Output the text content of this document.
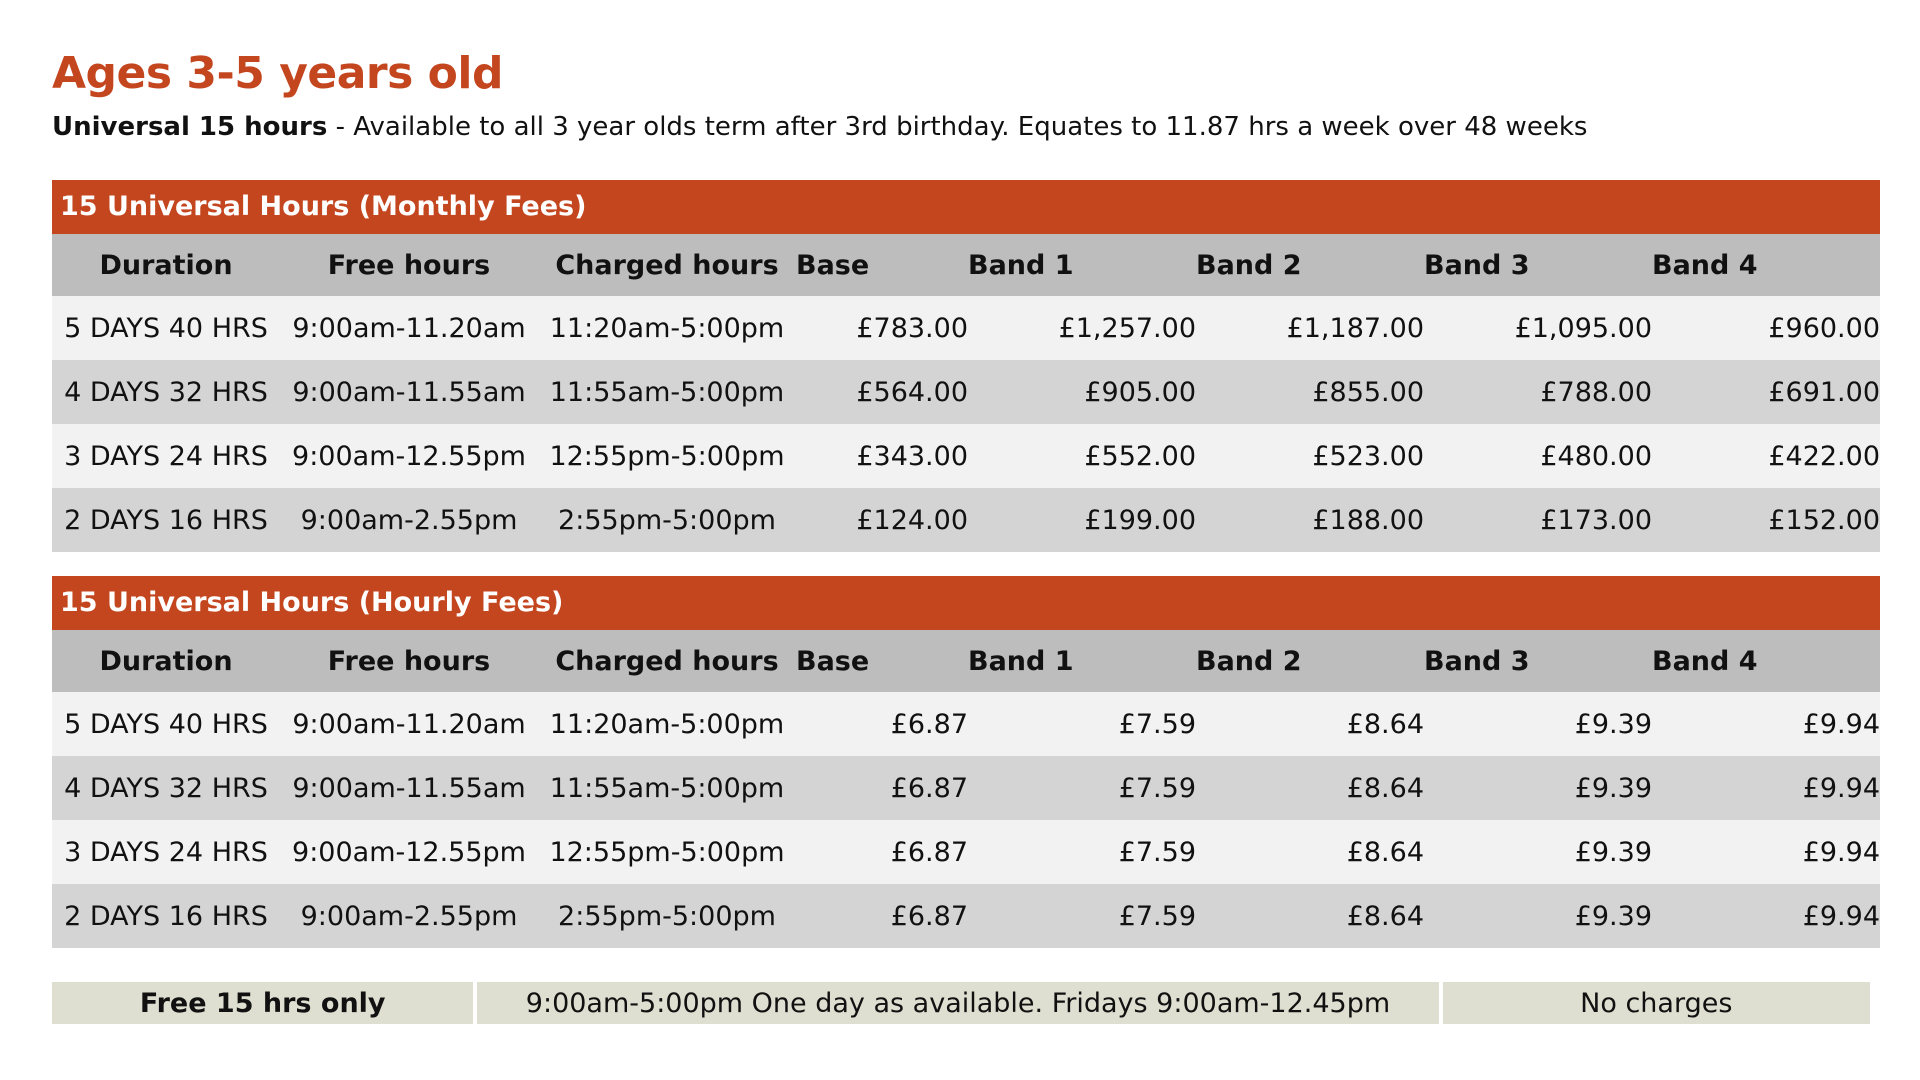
Ages 3-5 years old
Universal 15 hours - Available to all 3 year olds term after 3rd birthday. Equates to 11.87 hrs a week over 48 weeks
15 Universal Hours (Monthly Fees)
Duration	Free hours	Charged hours	Base	Band 1	Band 2	Band 3	Band 4
5 DAYS 40 HRS	9:00am-11.20am	11:20am-5:00pm	£783.00	£1,257.00	£1,187.00	£1,095.00	£960.00
4 DAYS 32 HRS	9:00am-11.55am	11:55am-5:00pm	£564.00	£905.00	£855.00	£788.00	£691.00
3 DAYS 24 HRS	9:00am-12.55pm	12:55pm-5:00pm	£343.00	£552.00	£523.00	£480.00	£422.00
2 DAYS 16 HRS	9:00am-2.55pm	2:55pm-5:00pm	£124.00	£199.00	£188.00	£173.00	£152.00
15 Universal Hours (Hourly Fees)
Duration	Free hours	Charged hours	Base	Band 1	Band 2	Band 3	Band 4
5 DAYS 40 HRS	9:00am-11.20am	11:20am-5:00pm	£6.87	£7.59	£8.64	£9.39	£9.94
4 DAYS 32 HRS	9:00am-11.55am	11:55am-5:00pm	£6.87	£7.59	£8.64	£9.39	£9.94
3 DAYS 24 HRS	9:00am-12.55pm	12:55pm-5:00pm	£6.87	£7.59	£8.64	£9.39	£9.94
2 DAYS 16 HRS	9:00am-2.55pm	2:55pm-5:00pm	£6.87	£7.59	£8.64	£9.39	£9.94
Free 15 hrs only	9:00am-5:00pm One day as available. Fridays 9:00am-12.45pm	No charges
